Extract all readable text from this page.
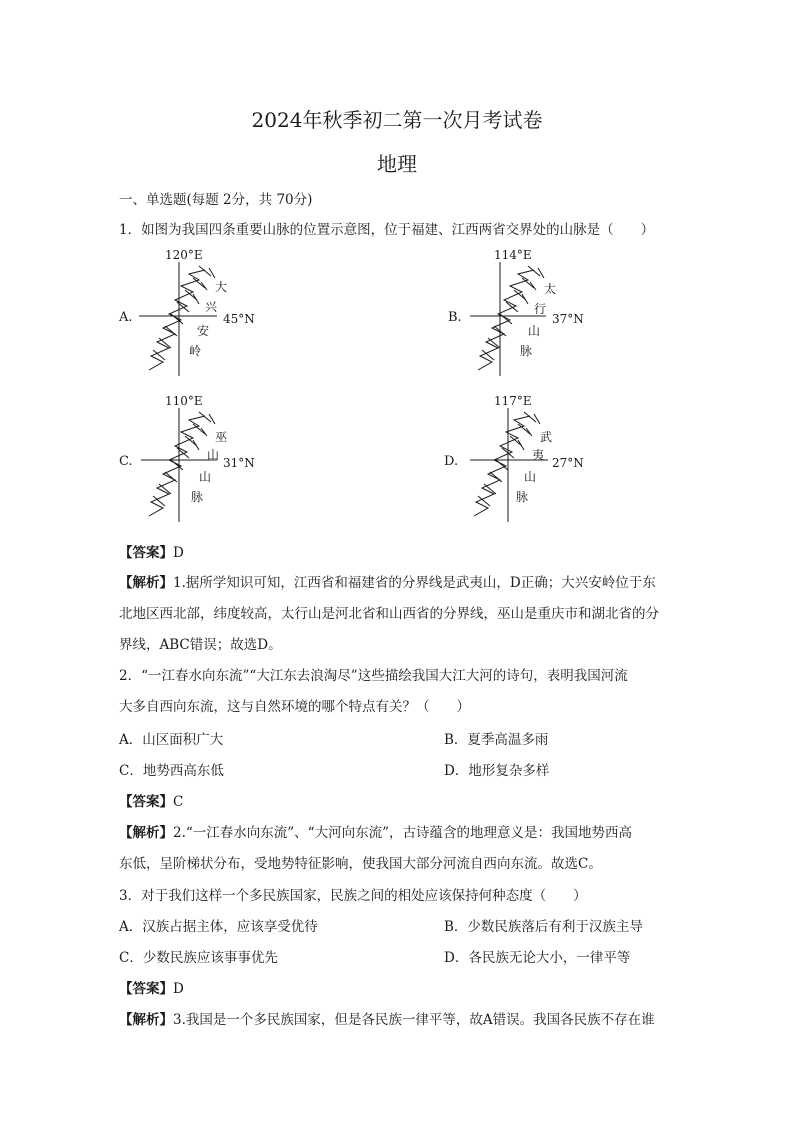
2024年秋季初二第一次月考试卷
地理
一、单选题(每题 2分，共 70分)
1．如图为我国四条重要山脉的位置示意图，位于福建、江西两省交界处的山脉是（　　）
A.
120°E
45°N
大
兴
安
岭
B.
114°E
37°N
太
行
山
脉
C.
110°E
31°N
巫
山
山
脉
D.
117°E
27°N
武
夷
山
脉
【答案】D
【解析】1.据所学知识可知，江西省和福建省的分界线是武夷山，D正确；大兴安岭位于东
北地区西北部，纬度较高，太行山是河北省和山西省的分界线，巫山是重庆市和湖北省的分
界线，ABC错误；故选D。
2．“一江春水向东流”“大江东去浪淘尽”这些描绘我国大江大河的诗句，表明我国河流
大多自西向东流，这与自然环境的哪个特点有关？（　　）
A．山区面积广大	B．夏季高温多雨
C．地势西高东低	D．地形复杂多样
【答案】C
【解析】2.“一江春水向东流”、“大河向东流”，古诗蕴含的地理意义是：我国地势西高
东低，呈阶梯状分布，受地势特征影响，使我国大部分河流自西向东流。故选C。
3．对于我们这样一个多民族国家，民族之间的相处应该保持何种态度（　　）
A．汉族占据主体，应该享受优待	B．少数民族落后有利于汉族主导
C．少数民族应该事事优先	D．各民族无论大小，一律平等
【答案】D
【解析】3.我国是一个多民族国家，但是各民族一律平等，故A错误。我国各民族不存在谁
